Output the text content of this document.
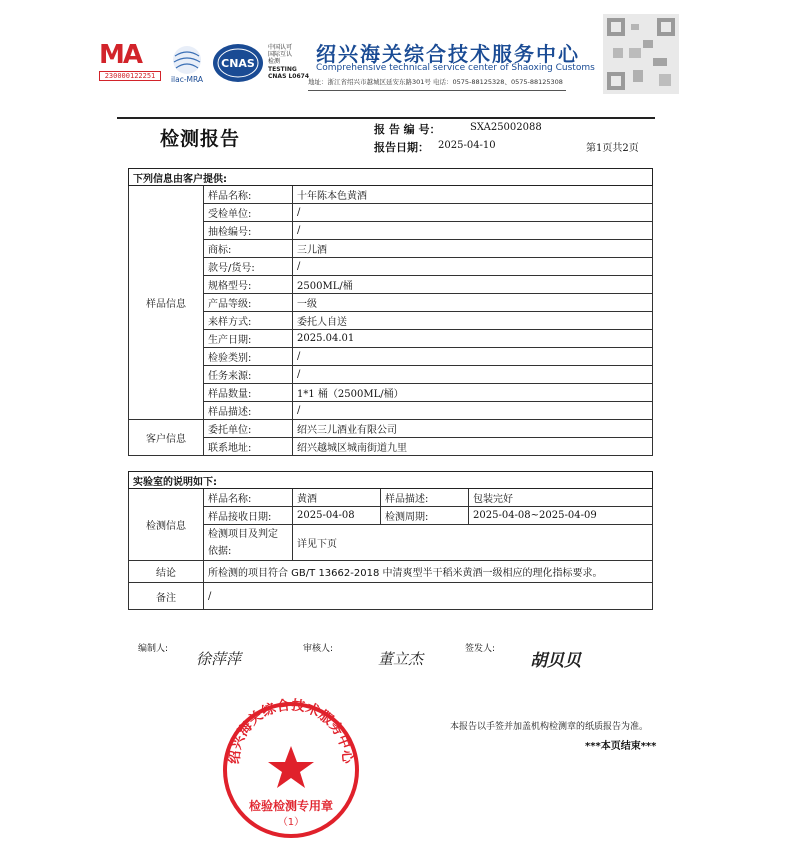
MA
230000122251	ilac-MRA
CNAS
中国认可
国际互认
检测
TESTING
CNAS L0674
绍兴海关综合技术服务中心
Comprehensive technical service center of Shaoxing Customs
地址：浙江省绍兴市越城区延安东路301号 电话：0575-88125328、0575-88125308
检测报告	报 告 编 号：	SXA25002088
报告日期： 2025-04-10	第1页共2页
下列信息由客户提供:		
样品信息	样品名称:	十年陈本色黄酒
	受检单位:	/
	抽检编号:	/
	商标:	三儿酒
	款号/货号:	/
	规格型号:	2500ML/桶
	产品等级:	一级
	来样方式:	委托人自送
	生产日期:	2025.04.01
	检验类别:	/
	任务来源:	/
	样品数量:	1*1 桶（2500ML/桶）
	样品描述:	/
客户信息	委托单位:	绍兴三儿酒业有限公司
	联系地址:	绍兴越城区城南街道九里
实验室的说明如下:				
检测信息	样品名称:	黄酒	样品描述:	包装完好
	样品接收日期:	2025-04-08	检测周期:	2025-04-08~2025-04-09

	检测项目及判定
依据:	详见下页		
结论	所检测的项目符合 GB/T 13662-2018 中清爽型半干稻米黄酒一级相应的理化指标要求。			
备注	/			
编制人:
徐萍萍
审核人:
董立杰
签发人:
胡贝贝
本报告以手签并加盖机构检测章的纸质报告为准。
***本页结束***
绍兴海关综合技术服务中心
检验检测专用章
（1）
